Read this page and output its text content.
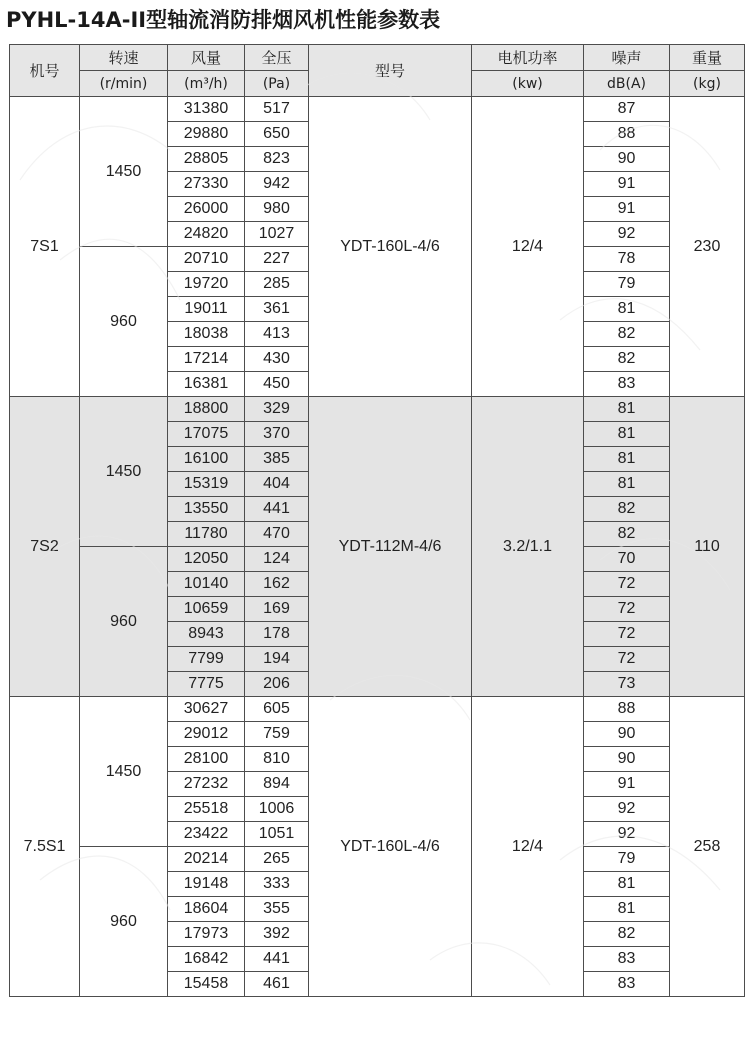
PYHL-14A-II型轴流消防排烟风机性能参数表
机号	转速	风量	全压	型号	电机功率	噪声	重量
	(r/min)	(m³/h)	(Pa)		(kw)	dB(A)	(kg)
7S1	1450	31380	517	YDT-160L-4/6	12/4	87	230
		29880	650			88	
		28805	823			90	
		27330	942			91	
		26000	980			91	
		24820	1027			92	
	960	20710	227			78	
		19720	285			79	
		19011	361			81	
		18038	413			82	
		17214	430			82	
		16381	450			83	
7S2	1450	18800	329	YDT-112M-4/6	3.2/1.1	81	110
		17075	370			81	
		16100	385			81	
		15319	404			81	
		13550	441			82	
		11780	470			82	
	960	12050	124			70	
		10140	162			72	
		10659	169			72	
		8943	178			72	
		7799	194			72	
		7775	206			73	
7.5S1	1450	30627	605	YDT-160L-4/6	12/4	88	258
		29012	759			90	
		28100	810			90	
		27232	894			91	
		25518	1006			92	
		23422	1051			92	
	960	20214	265			79	
		19148	333			81	
		18604	355			81	
		17973	392			82	
		16842	441			83	
		15458	461			83	
